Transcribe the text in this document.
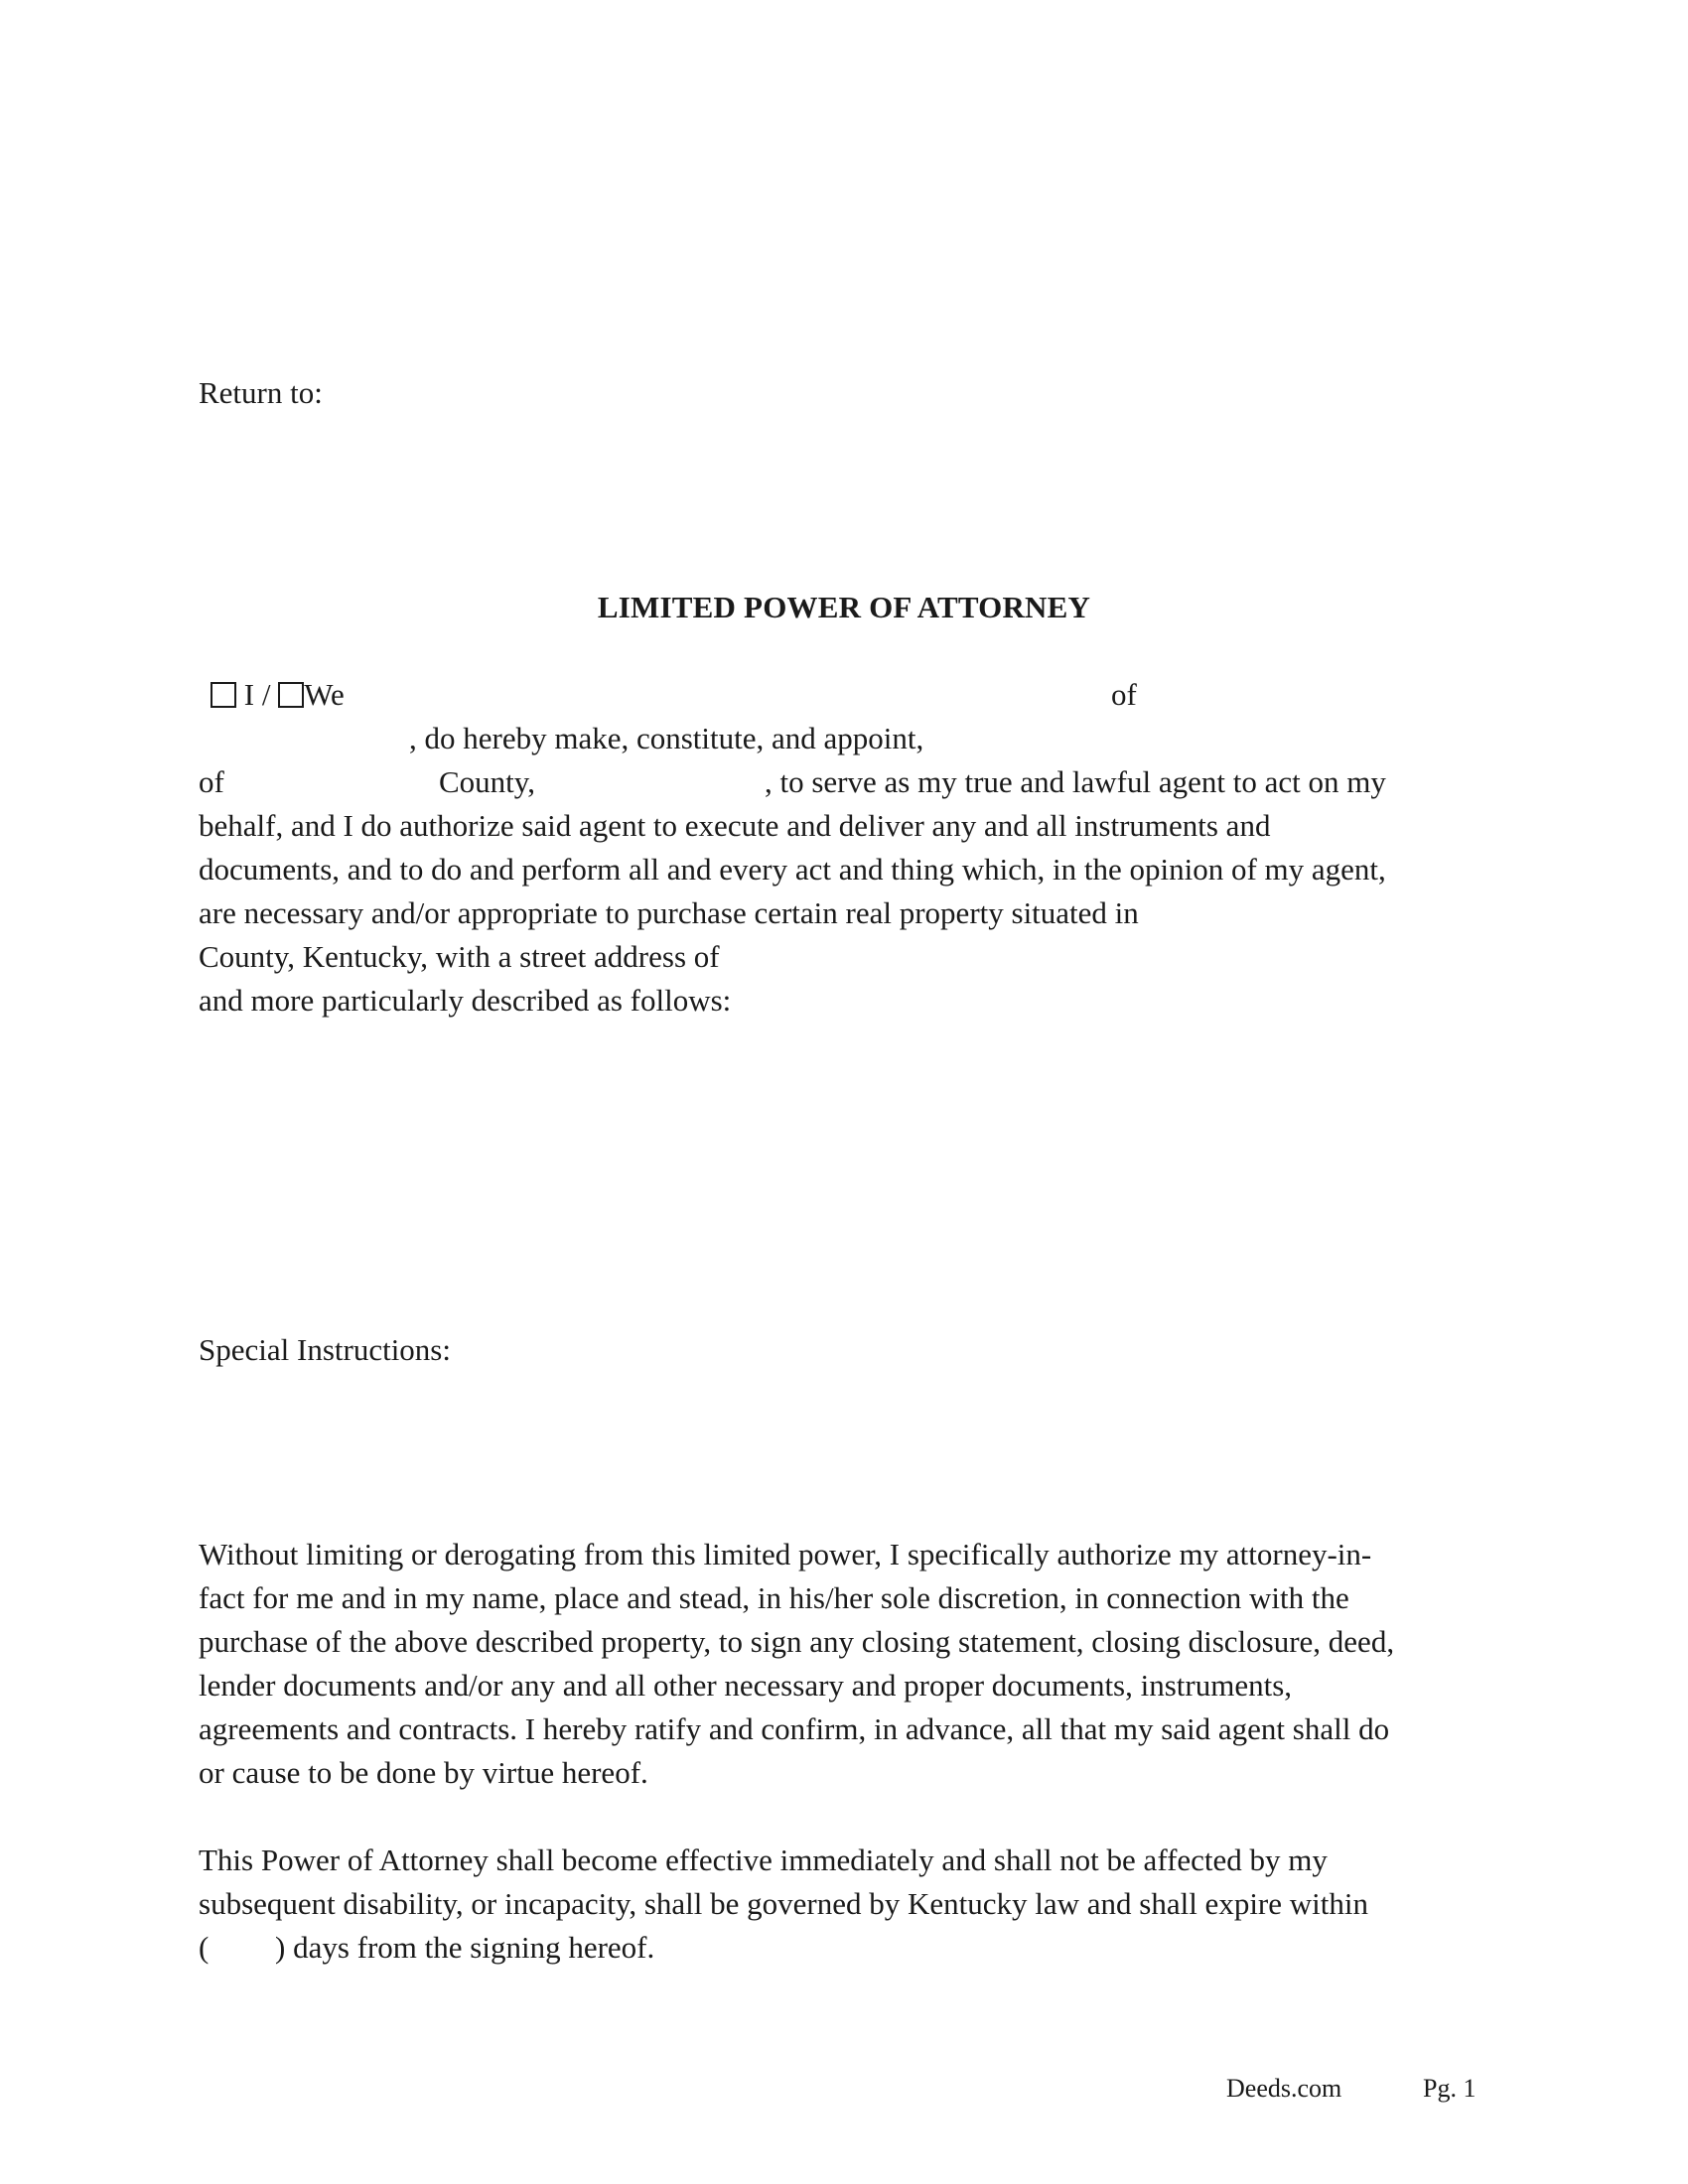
Return to:
LIMITED POWER OF ATTORNEY
I / We	of
, do hereby make, constitute, and appoint,
of	County,	, to serve as my true and lawful agent to act on my
behalf, and I do authorize said agent to execute and deliver any and all instruments and
documents, and to do and perform all and every act and thing which, in the opinion of my agent,
are necessary and/or appropriate to purchase certain real property situated in
County, Kentucky, with a street address of
and more particularly described as follows:
Special Instructions:
Without limiting or derogating from this limited power, I specifically authorize my attorney-in-
fact for me and in my name, place and stead, in his/her sole discretion, in connection with the
purchase of the above described property, to sign any closing statement, closing disclosure, deed,
lender documents and/or any and all other necessary and proper documents, instruments,
agreements and contracts. I hereby ratify and confirm, in advance, all that my said agent shall do
or cause to be done by virtue hereof.
This Power of Attorney shall become effective immediately and shall not be affected by my
subsequent disability, or incapacity, shall be governed by Kentucky law and shall expire within
( ) days from the signing hereof.
Deeds.com	Pg. 1
